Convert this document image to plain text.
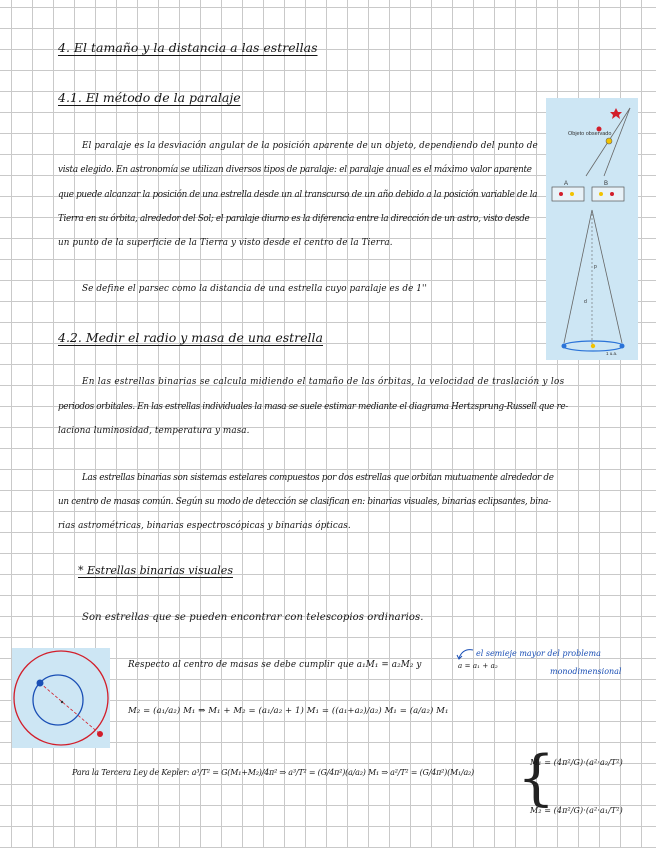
4. El tamaño y la distancia a las estrellas
4.1. El método de la paralaje
El paralaje es la desviación angular de la posición aparente de un objeto, dependiendo del punto de
vista elegido. En astronomía se utilizan diversos tipos de paralaje: el paralaje anual es el máximo valor aparente
que puede alcanzar la posición de una estrella desde un al transcurso de un año debido a la posición variable de la
Tierra en su órbita, alrededor del Sol; el paralaje diurno es la diferencia entre la dirección de un astro, visto desde
un punto de la superficie de la Tierra y visto desde el centro de la Tierra.
Se define el parsec como la distancia de una estrella cuyo paralaje es de 1''
4.2. Medir el radio y masa de una estrella
En las estrellas binarias se calcula midiendo el tamaño de las órbitas, la velocidad de traslación y los
periodos orbitales. En las estrellas individuales la masa se suele estimar mediante el diagrama Hertzsprung-Russell que re-
laciona luminosidad, temperatura y masa.
Las estrellas binarias son sistemas estelares compuestos por dos estrellas que orbitan mutuamente alrededor de
un centro de masas común. Según su modo de detección se clasifican en: binarias visuales, binarias eclipsantes, bina-
rias astrométricas, binarias espectroscópicas y binarias ópticas.
* Estrellas binarias visuales
Son estrellas que se pueden encontrar con telescopios ordinarios.
Objeto observado
A	B
p
d
1 u.a.
Respecto al centro de masas se debe cumplir que a₁M₁ = a₂M₂ y	a = a₁ + a₂
el semieje mayor del problema
monodimensional
M₂ = (a₁/a₂) M₁ ⇒ M₁ + M₂ = (a₁/a₂ + 1) M₁ = ((a₁+a₂)/a₂) M₁ = (a/a₂) M₁
Para la Tercera Ley de Kepler: a³/T² = G(M₁+M₂)/4π² ⇒ a³/T² = (G/4π²)(a/a₂) M₁ ⇒ a²/T² = (G/4π²)(M₁/a₂) {
M₁ = (4π²/G)·(a²·a₂/T²)
M₂ = (4π²/G)·(a²·a₁/T²)
